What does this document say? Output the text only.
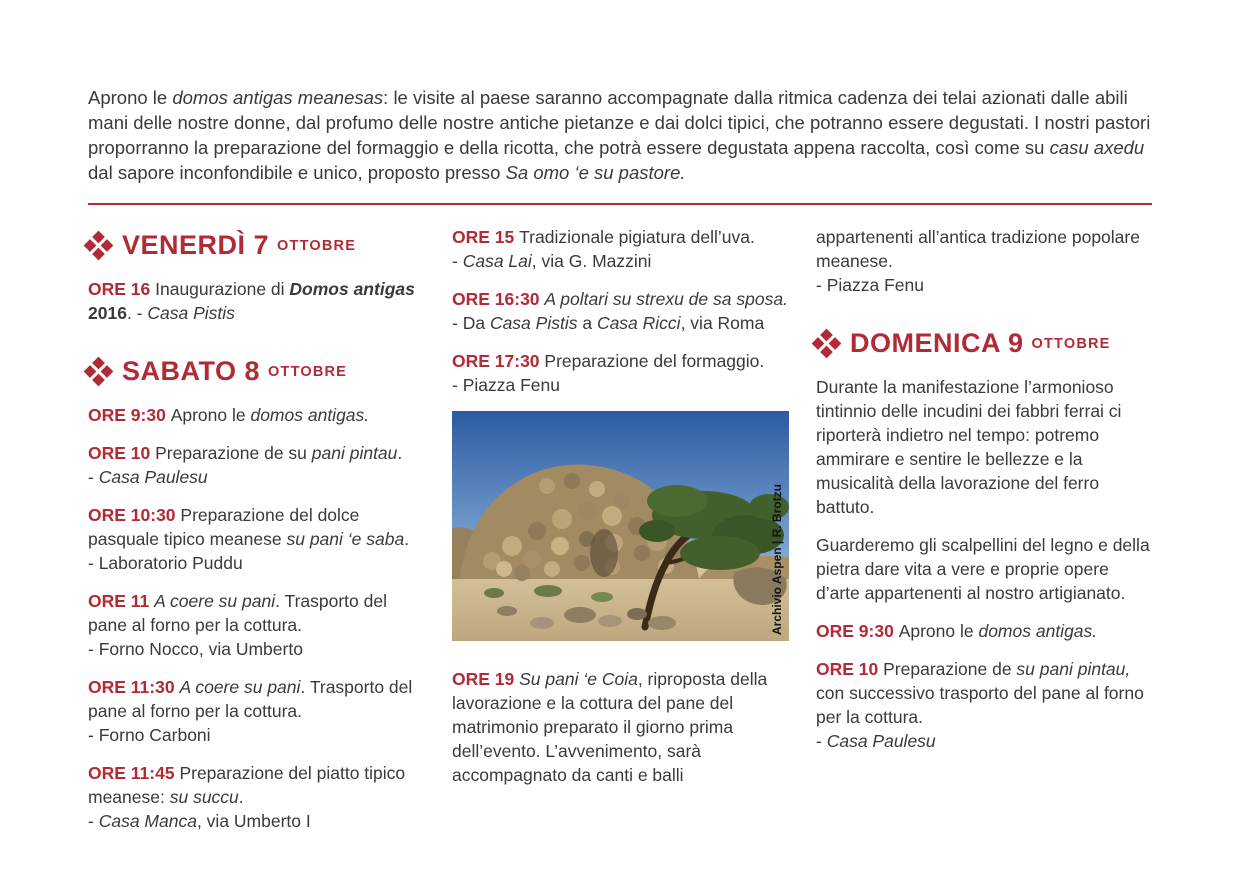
Aprono le domos antigas meanesas: le visite al paese saranno accompagnate dalla ritmica cadenza dei telai azionati dalle abili mani delle nostre donne, dal profumo delle nostre antiche pietanze e dai dolci tipici, che potranno essere degustati. I nostri pastori proporranno la preparazione del formaggio e della ricotta, che potrà essere degustata appena raccolta, così come su casu axedu dal sapore inconfondibile e unico, proposto presso Sa omo ‘e su pastore.

VENERDÌ 7 OTTOBRE

ORE 16 Inaugurazione di Domos antigas 2016. - Casa Pistis

SABATO 8 OTTOBRE

ORE 9:30 Aprono le domos antigas.

ORE 10 Preparazione de su pani pintau.
- Casa Paulesu

ORE 10:30 Preparazione del dolce pasquale tipico meanese su pani ‘e saba.
- Laboratorio Puddu

ORE 11 A coere su pani. Trasporto del pane al forno per la cottura.
- Forno Nocco, via Umberto

ORE 11:30 A coere su pani. Trasporto del pane al forno per la cottura.
- Forno Carboni

ORE 11:45 Preparazione del piatto tipico meanese: su succu.
- Casa Manca, via Umberto I

ORE 15 Tradizionale pigiatura dell’uva.
- Casa Lai, via G. Mazzini

ORE 16:30 A poltari su strexu de sa sposa.
- Da Casa Pistis a Casa Ricci, via Roma

ORE 17:30 Preparazione del formaggio.
- Piazza Fenu

Archivio Aspen | R. Brotzu

ORE 19 Su pani ‘e Coia, riproposta della lavorazione e la cottura del pane del matrimonio preparato il giorno prima dell’evento. L’avvenimento, sarà accompagnato da canti e balli

appartenenti all’antica tradizione popolare meanese.
- Piazza Fenu

DOMENICA 9 OTTOBRE

Durante la manifestazione l’armonioso tintinnio delle incudini dei fabbri ferrai ci riporterà indietro nel tempo: potremo ammirare e sentire le bellezze e la musicalità della lavorazione del ferro battuto.

Guarderemo gli scalpellini del legno e della pietra dare vita a vere e proprie opere d’arte appartenenti al nostro artigianato.

ORE 9:30 Aprono le domos antigas.

ORE 10 Preparazione de su pani pintau, con successivo trasporto del pane al forno per la cottura.
- Casa Paulesu
